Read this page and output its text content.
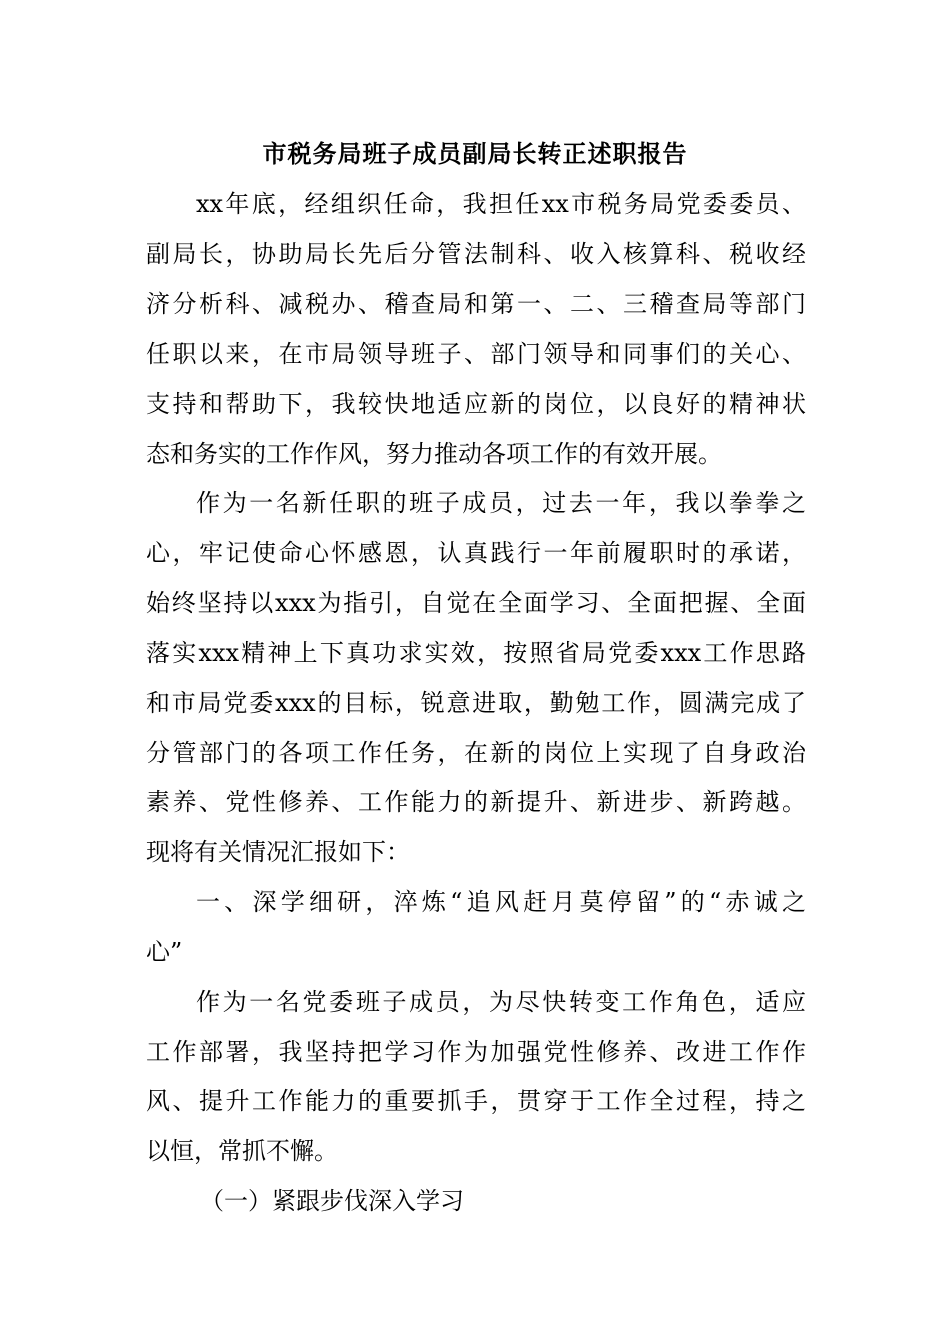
市税务局班子成员副局长转正述职报告

xx年底，经组织任命，我担任xx市税务局党委委员、

副局长，协助局长先后分管法制科、收入核算科、税收经

济分析科、减税办、稽查局和第一、二、三稽查局等部门

任职以来，在市局领导班子、部门领导和同事们的关心、

支持和帮助下，我较快地适应新的岗位，以良好的精神状

态和务实的工作作风，努力推动各项工作的有效开展。

作为一名新任职的班子成员，过去一年，我以拳拳之

心，牢记使命心怀感恩，认真践行一年前履职时的承诺，

始终坚持以xxx为指引，自觉在全面学习、全面把握、全面

落实xxx精神上下真功求实效，按照省局党委xxx工作思路

和市局党委xxx的目标，锐意进取，勤勉工作，圆满完成了

分管部门的各项工作任务，在新的岗位上实现了自身政治

素养、党性修养、工作能力的新提升、新进步、新跨越。

现将有关情况汇报如下：

一、深学细研，淬炼“追风赶月莫停留”的“赤诚之

心”

作为一名党委班子成员，为尽快转变工作角色，适应

工作部署，我坚持把学习作为加强党性修养、改进工作作

风、提升工作能力的重要抓手，贯穿于工作全过程，持之

以恒，常抓不懈。

（一）紧跟步伐深入学习
